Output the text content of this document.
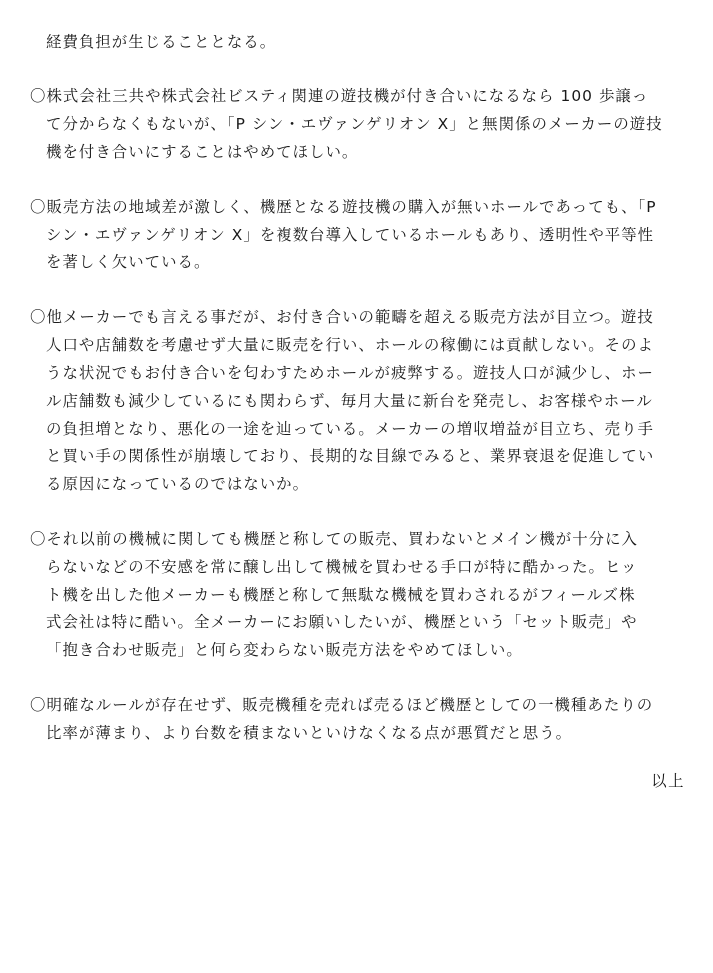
経費負担が生じることとなる。
〇株式会社三共や株式会社ビスティ関連の遊技機が付き合いになるなら 100 歩譲っ
て分からなくもないが、「P シン・エヴァンゲリオン X」と無関係のメーカーの遊技
機を付き合いにすることはやめてほしい。
〇販売方法の地域差が激しく、機歴となる遊技機の購入が無いホールであっても、「P
シン・エヴァンゲリオン X」を複数台導入しているホールもあり、透明性や平等性
を著しく欠いている。
〇他メーカーでも言える事だが、お付き合いの範疇を超える販売方法が目立つ。遊技
人口や店舗数を考慮せず大量に販売を行い、ホールの稼働には貢献しない。そのよ
うな状況でもお付き合いを匂わすためホールが疲弊する。遊技人口が減少し、ホー
ル店舗数も減少しているにも関わらず、毎月大量に新台を発売し、お客様やホール
の負担増となり、悪化の一途を辿っている。メーカーの増収増益が目立ち、売り手
と買い手の関係性が崩壊しており、長期的な目線でみると、業界衰退を促進してい
る原因になっているのではないか。
〇それ以前の機械に関しても機歴と称しての販売、買わないとメイン機が十分に入
らないなどの不安感を常に醸し出して機械を買わせる手口が特に酷かった。ヒッ
ト機を出した他メーカーも機歴と称して無駄な機械を買わされるがフィールズ株
式会社は特に酷い。全メーカーにお願いしたいが、機歴という「セット販売」や
「抱き合わせ販売」と何ら変わらない販売方法をやめてほしい。
〇明確なルールが存在せず、販売機種を売れば売るほど機歴としての一機種あたりの
比率が薄まり、より台数を積まないといけなくなる点が悪質だと思う。
以上
